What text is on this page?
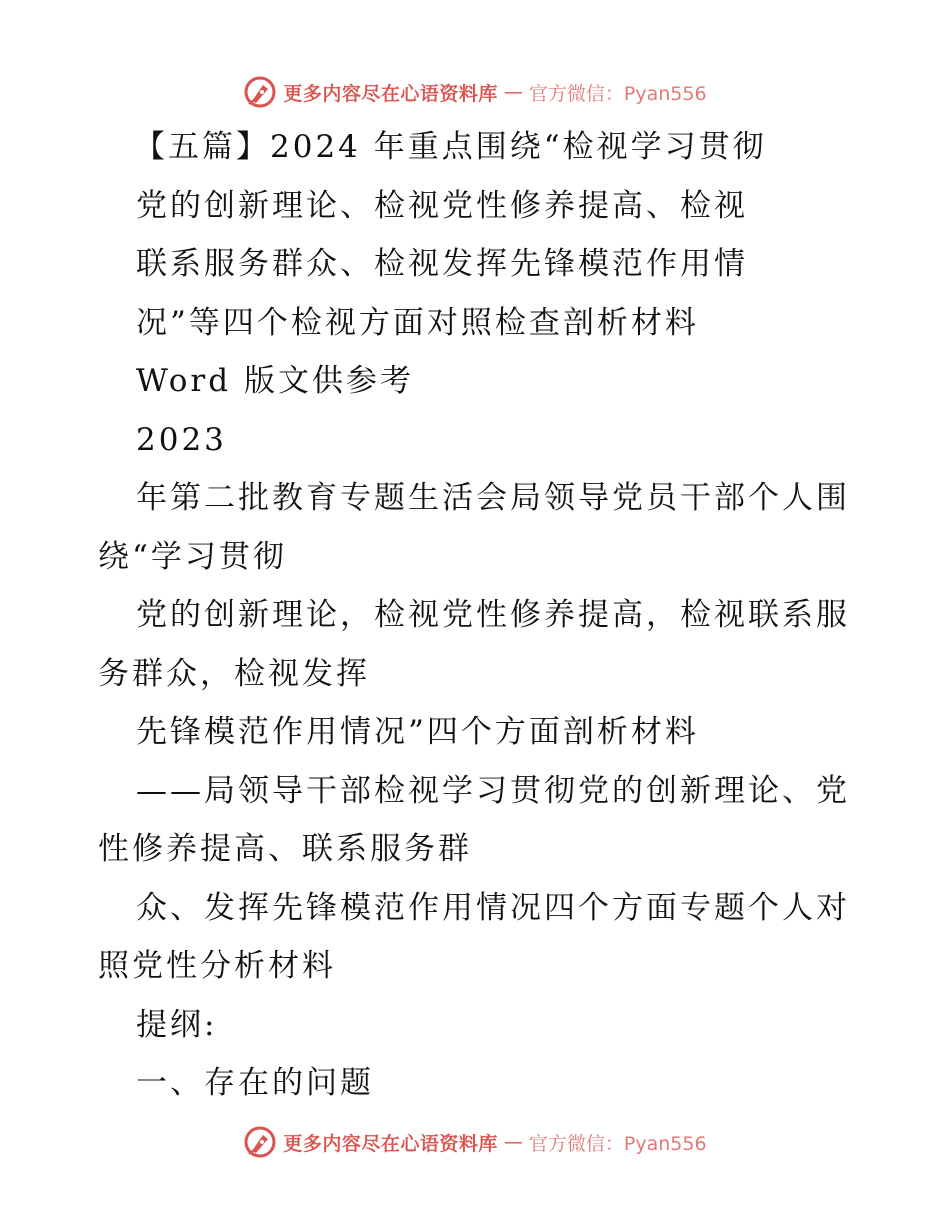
更多内容尽在心语资料库 — 官方微信：Pyan556
【五篇】2024 年重点围绕“检视学习贯彻
党的创新理论、检视党性修养提高、检视
联系服务群众、检视发挥先锋模范作用情
况”等四个检视方面对照检查剖析材料
Word 版文供参考
2023
年第二批教育专题生活会局领导党员干部个人围
绕“学习贯彻
党的创新理论，检视党性修养提高，检视联系服
务群众，检视发挥
先锋模范作用情况”四个方面剖析材料
——局领导干部检视学习贯彻党的创新理论、党
性修养提高、联系服务群
众、发挥先锋模范作用情况四个方面专题个人对
照党性分析材料
提纲:
一、存在的问题
更多内容尽在心语资料库 — 官方微信：Pyan556
